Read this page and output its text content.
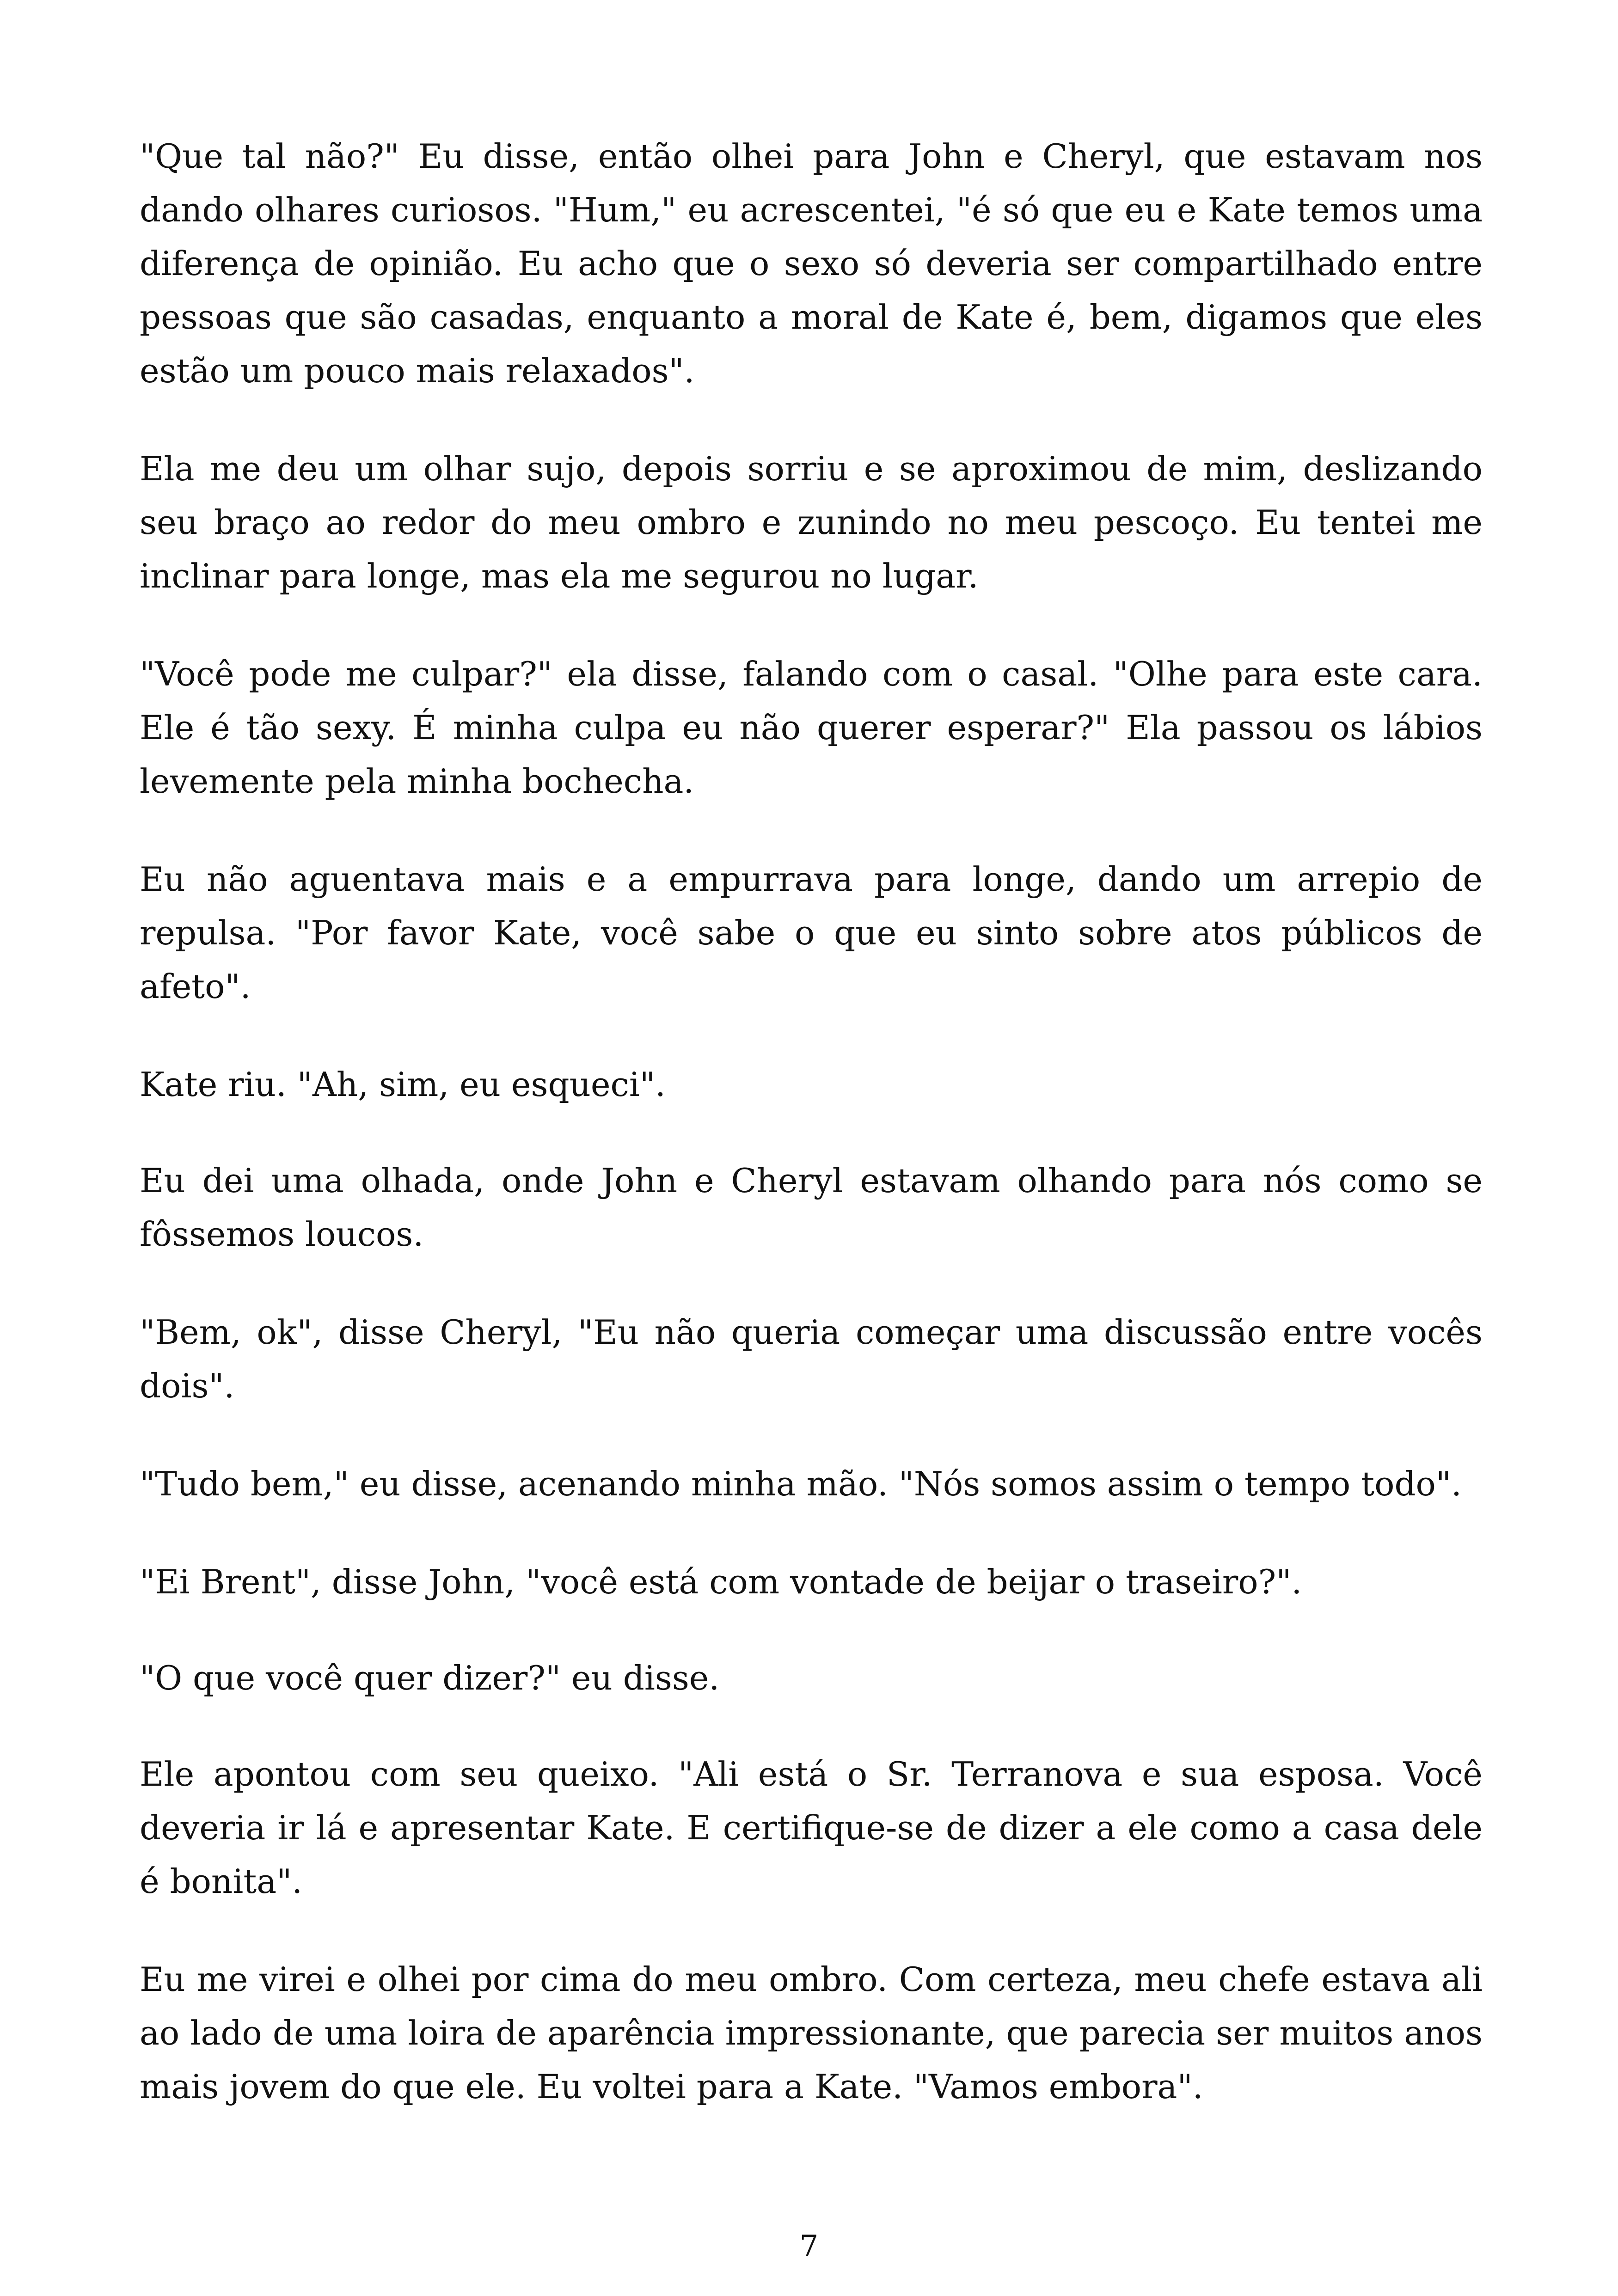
"Que tal não?" Eu disse, então olhei para John e Cheryl, que estavam nos dando olhares curiosos. "Hum," eu acrescentei, "é só que eu e Kate temos uma diferença de opinião. Eu acho que o sexo só deveria ser compartilhado entre pessoas que são casadas, enquanto a moral de Kate é, bem, digamos que eles estão um pouco mais relaxados".

Ela me deu um olhar sujo, depois sorriu e se aproximou de mim, deslizando seu braço ao redor do meu ombro e zunindo no meu pescoço. Eu tentei me inclinar para longe, mas ela me segurou no lugar.

"Você pode me culpar?" ela disse, falando com o casal. "Olhe para este cara. Ele é tão sexy. É minha culpa eu não querer esperar?" Ela passou os lábios levemente pela minha bochecha.

Eu não aguentava mais e a empurrava para longe, dando um arrepio de repulsa. "Por favor Kate, você sabe o que eu sinto sobre atos públicos de afeto".

Kate riu. "Ah, sim, eu esqueci".

Eu dei uma olhada, onde John e Cheryl estavam olhando para nós como se fôssemos loucos.

"Bem, ok", disse Cheryl, "Eu não queria começar uma discussão entre vocês dois".

"Tudo bem," eu disse, acenando minha mão. "Nós somos assim o tempo todo".

"Ei Brent", disse John, "você está com vontade de beijar o traseiro?".

"O que você quer dizer?" eu disse.

Ele apontou com seu queixo. "Ali está o Sr. Terranova e sua esposa. Você deveria ir lá e apresentar Kate. E certifique-se de dizer a ele como a casa dele é bonita".

Eu me virei e olhei por cima do meu ombro. Com certeza, meu chefe estava ali ao lado de uma loira de aparência impressionante, que parecia ser muitos anos mais jovem do que ele. Eu voltei para a Kate. "Vamos embora".

7
